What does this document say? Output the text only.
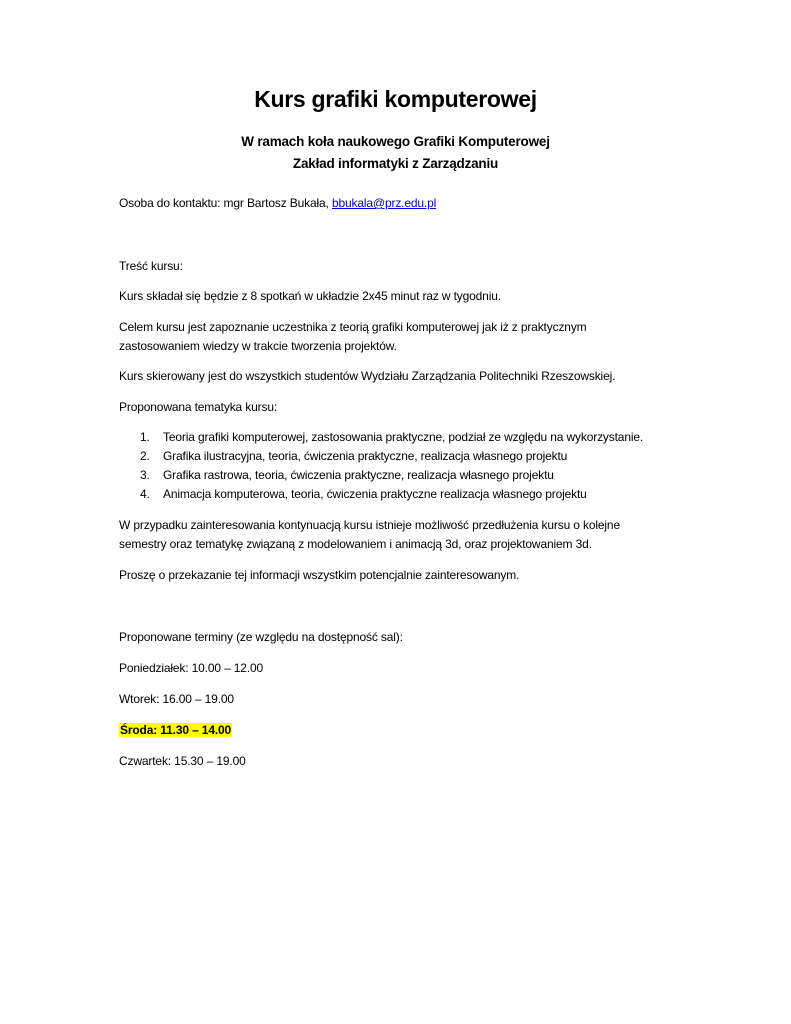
Kurs grafiki komputerowej
W ramach koła naukowego Grafiki Komputerowej
Zakład informatyki z Zarządzaniu
Osoba do kontaktu: mgr Bartosz Bukała, bbukala@prz.edu.pl
Treść kursu:
Kurs składał się będzie z 8 spotkań w układzie 2x45 minut raz w tygodniu.
Celem kursu jest zapoznanie uczestnika z teorią grafiki komputerowej jak iż z praktycznym
zastosowaniem wiedzy w trakcie tworzenia projektów.
Kurs skierowany jest do wszystkich studentów Wydziału Zarządzania Politechniki Rzeszowskiej.
Proponowana tematyka kursu:
1. Teoria grafiki komputerowej, zastosowania praktyczne, podział ze względu na wykorzystanie.
2. Grafika ilustracyjna, teoria, ćwiczenia praktyczne, realizacja własnego projektu
3. Grafika rastrowa, teoria, ćwiczenia praktyczne, realizacja własnego projektu
4. Animacja komputerowa, teoria, ćwiczenia praktyczne realizacja własnego projektu
W przypadku zainteresowania kontynuacją kursu istnieje możliwość przedłużenia kursu o kolejne
semestry oraz tematykę związaną z modelowaniem i animacją 3d, oraz projektowaniem 3d.
Proszę o przekazanie tej informacji wszystkim potencjalnie zainteresowanym.
Proponowane terminy (ze względu na dostępność sal):
Poniedziałek: 10.00 – 12.00
Wtorek: 16.00 – 19.00
Środa: 11.30 – 14.00
Czwartek: 15.30 – 19.00
